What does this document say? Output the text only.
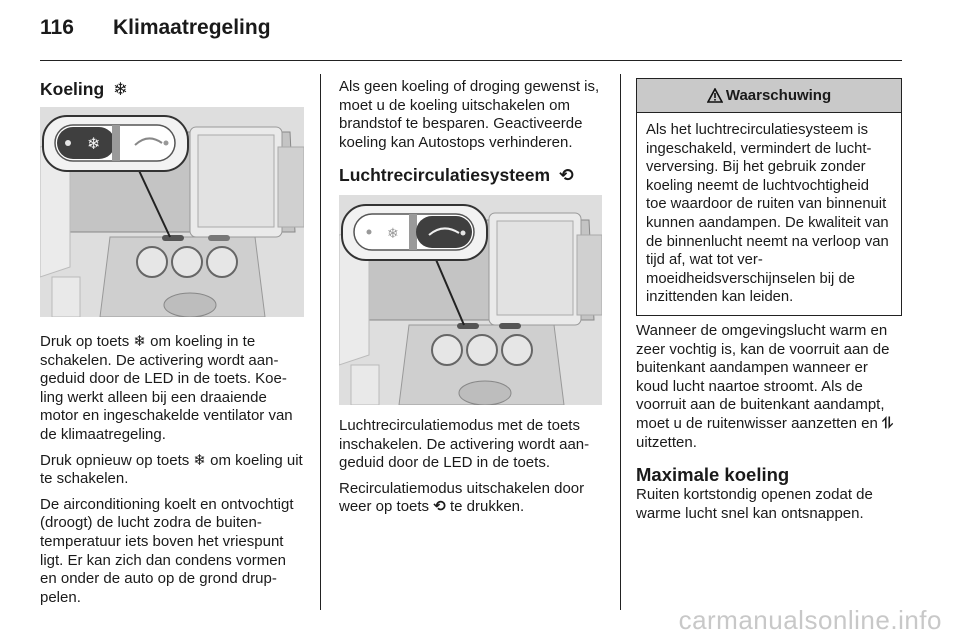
116 Klimaatregeling
Koeling ❄
❄

Druk op toets ❄ om koeling in te schakelen. De activering wordt aangeduid door de LED in de toets. Koeling werkt alleen bij een draaiende motor en ingeschakelde ventilator van de klimaatregeling.

Druk opnieuw op toets ❄ om koeling uit te schakelen.

De airconditioning koelt en ontvochtigt (droogt) de lucht zodra de buitentemperatuur iets boven het vriespunt ligt. Er kan zich dan condens vormen en onder de auto op de grond druppelen.

Als geen koeling of droging gewenst is, moet u de koeling uitschakelen om brandstof te besparen. Geactiveerde koeling kan Autostops verhinderen.

Luchtrecirculatiesysteem ⟲
❄

Luchtrecirculatiemodus met de toets inschakelen. De activering wordt aangeduid door de LED in de toets.

Recirculatiemodus uitschakelen door weer op toets ⟲ te drukken.

Waarschuwing
Als het luchtrecirculatiesysteem is ingeschakeld, vermindert de luchtverversing. Bij het gebruik zonder koeling neemt de luchtvochtigheid toe waardoor de ruiten van binnenuit kunnen aandampen. De kwaliteit van de binnenlucht neemt na verloop van tijd af, wat tot vermoeidheidsverschijnselen bij de inzittenden kan leiden.

Wanneer de omgevingslucht warm en zeer vochtig is, kan de voorruit aan de buitenkant aandampen wanneer er koud lucht naartoe stroomt. Als de voorruit aan de buitenkant aandampt, moet u de ruitenwisser aanzetten en ⥮ uitzetten.

Maximale koeling

Ruiten kortstondig openen zodat de warme lucht snel kan ontsnappen.

carmanualsonline.info
